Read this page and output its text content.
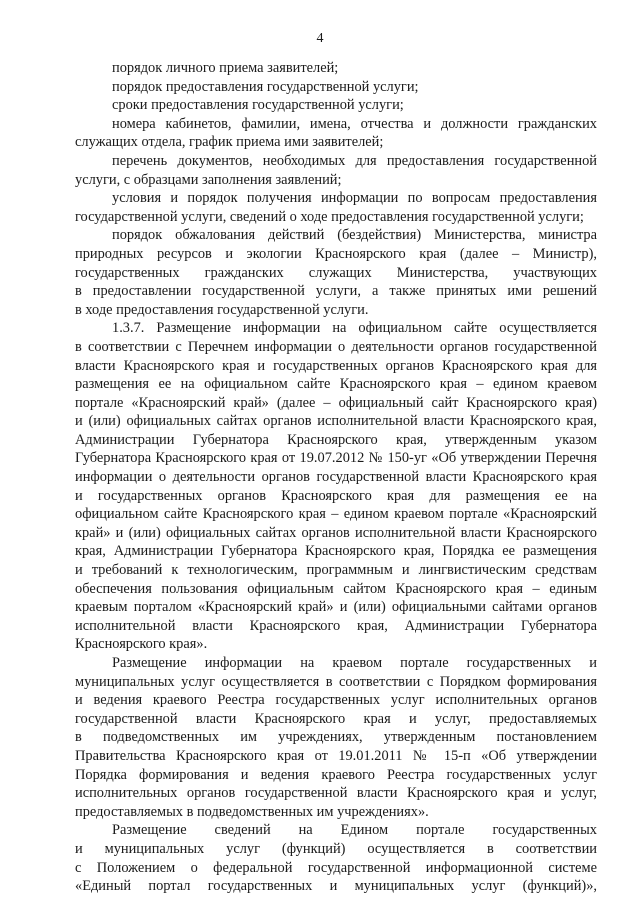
4
порядок личного приема заявителей;
порядок предоставления государственной услуги;
сроки предоставления государственной услуги;
номера кабинетов, фамилии, имена, отчества и должности гражданских
служащих отдела, график приема ими заявителей;
перечень документов, необходимых для предоставления государственной
услуги, с образцами заполнения заявлений;
условия и порядок получения информации по вопросам предоставления
государственной услуги, сведений о ходе предоставления государственной услуги;
порядок обжалования действий (бездействия) Министерства, министра
природных ресурсов и экологии Красноярского края (далее – Министр),
государственных гражданских служащих Министерства, участвующих
в предоставлении государственной услуги, а также принятых ими решений
в ходе предоставления государственной услуги.
1.3.7. Размещение информации на официальном сайте осуществляется
в соответствии с Перечнем информации о деятельности органов государственной
власти Красноярского края и государственных органов Красноярского края для
размещения ее на официальном сайте Красноярского края – едином краевом
портале «Красноярский край» (далее – официальный сайт Красноярского края)
и (или) официальных сайтах органов исполнительной власти Красноярского края,
Администрации Губернатора Красноярского края, утвержденным указом
Губернатора Красноярского края от 19.07.2012 № 150-уг «Об утверждении Перечня
информации о деятельности органов государственной власти Красноярского края
и государственных органов Красноярского края для размещения ее на
официальном сайте Красноярского края – едином краевом портале «Красноярский
край» и (или) официальных сайтах органов исполнительной власти Красноярского
края, Администрации Губернатора Красноярского края, Порядка ее размещения
и требований к технологическим, программным и лингвистическим средствам
обеспечения пользования официальным сайтом Красноярского края – единым
краевым порталом «Красноярский край» и (или) официальными сайтами органов
исполнительной власти Красноярского края, Администрации Губернатора
Красноярского края».
Размещение информации на краевом портале государственных и
муниципальных услуг осуществляется в соответствии с Порядком формирования
и ведения краевого Реестра государственных услуг исполнительных органов
государственной власти Красноярского края и услуг, предоставляемых
в подведомственных им учреждениях, утвержденным постановлением
Правительства Красноярского края от 19.01.2011 № 15-п «Об утверждении
Порядка формирования и ведения краевого Реестра государственных услуг
исполнительных органов государственной власти Красноярского края и услуг,
предоставляемых в подведомственных им учреждениях».
Размещение сведений на Едином портале государственных
и муниципальных услуг (функций) осуществляется в соответствии
с Положением о федеральной государственной информационной системе
«Единый портал государственных и муниципальных услуг (функций)»,
